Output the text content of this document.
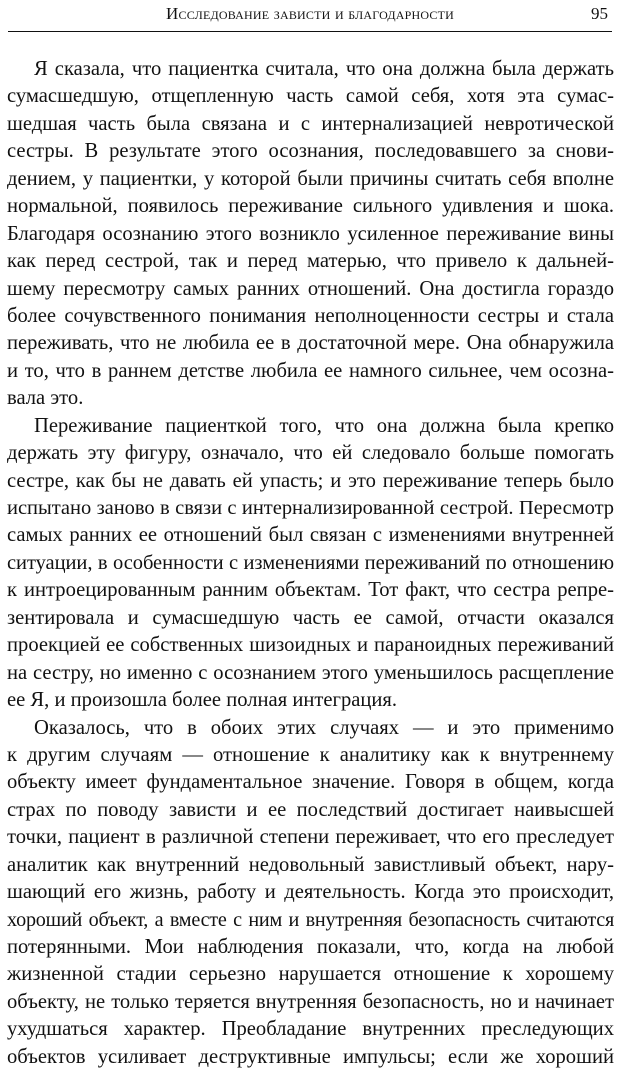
Исследование зависти и благодарности	95
Я сказала, что пациентка считала, что она должна была держать
сумасшедшую, отщепленную часть самой себя, хотя эта сумас-
шедшая часть была связана и с интернализацией невротической
сестры. В результате этого осознания, последовавшего за снови-
дением, у пациентки, у которой были причины считать себя вполне
нормальной, появилось переживание сильного удивления и шока.
Благодаря осознанию этого возникло усиленное переживание вины
как перед сестрой, так и перед матерью, что привело к дальней-
шему пересмотру самых ранних отношений. Она достигла гораздо
более сочувственного понимания неполноценности сестры и стала
переживать, что не любила ее в достаточной мере. Она обнаружила
и то, что в раннем детстве любила ее намного сильнее, чем осозна-
вала это.
Переживание пациенткой того, что она должна была крепко
держать эту фигуру, означало, что ей следовало больше помогать
сестре, как бы не давать ей упасть; и это переживание теперь было
испытано заново в связи с интернализированной сестрой. Пересмотр
самых ранних ее отношений был связан с изменениями внутренней
ситуации, в особенности с изменениями переживаний по отношению
к интроецированным ранним объектам. Тот факт, что сестра репре-
зентировала и сумасшедшую часть ее самой, отчасти оказался
проекцией ее собственных шизоидных и параноидных переживаний
на сестру, но именно с осознанием этого уменьшилось расщепление
ее Я, и произошла более полная интеграция.
Оказалось, что в обоих этих случаях — и это применимо
к другим случаям — отношение к аналитику как к внутреннему
объекту имеет фундаментальное значение. Говоря в общем, когда
страх по поводу зависти и ее последствий достигает наивысшей
точки, пациент в различной степени переживает, что его преследует
аналитик как внутренний недовольный завистливый объект, нару-
шающий его жизнь, работу и деятельность. Когда это происходит,
хороший объект, а вместе с ним и внутренняя безопасность считаются
потерянными. Мои наблюдения показали, что, когда на любой
жизненной стадии серьезно нарушается отношение к хорошему
объекту, не только теряется внутренняя безопасность, но и начинает
ухудшаться характер. Преобладание внутренних преследующих
объектов усиливает деструктивные импульсы; если же хороший
